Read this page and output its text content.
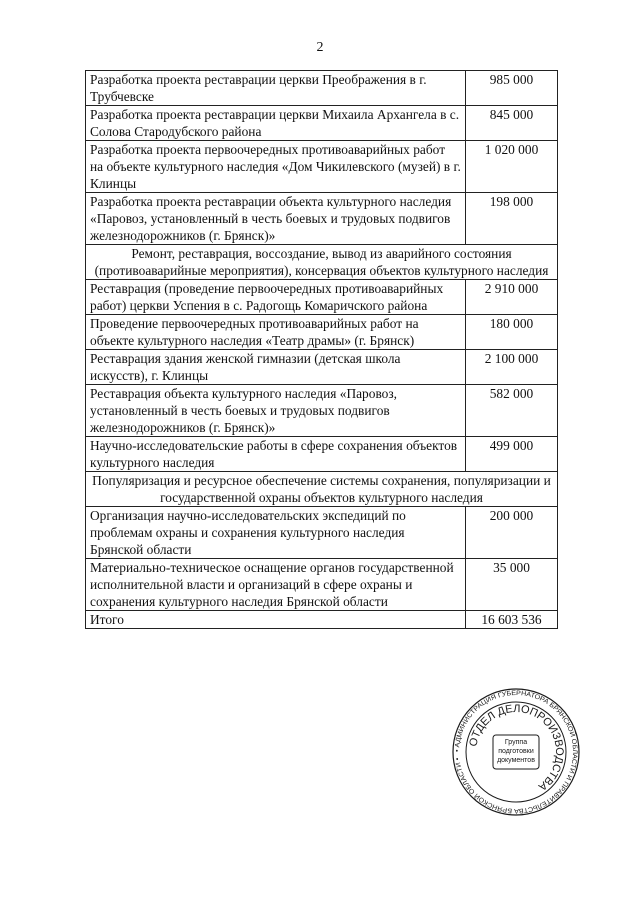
2
Разработка проекта реставрации церкви Преображения в г. Трубчевске	985 000
Разработка проекта реставрации церкви Михаила Архангела в с. Солова Стародубского района	845 000
Разработка проекта первоочередных противоаварийных работ на объекте культурного наследия «Дом Чикилевского (музей) в г. Клинцы	1 020 000
Разработка проекта реставрации объекта культурного наследия «Паровоз, установленный в честь боевых и трудовых подвигов железнодорожников (г. Брянск)»	198 000
Ремонт, реставрация, воссоздание, вывод из аварийного состояния (противоаварийные мероприятия), консервация объектов культурного наследия	
Реставрация (проведение первоочередных противоаварийных работ) церкви Успения в с. Радогощь Комаричского района	2 910 000
Проведение первоочередных противоаварийных работ на объекте культурного наследия «Театр драмы» (г. Брянск)	180 000
Реставрация здания женской гимназии (детская школа искусств), г. Клинцы	2 100 000
Реставрация объекта культурного наследия «Паровоз, установленный в честь боевых и трудовых подвигов железнодорожников (г. Брянск)»	582 000
Научно-исследовательские работы в сфере сохранения объектов культурного наследия	499 000
Популяризация и ресурсное обеспечение системы сохранения, популяризации и государственной охраны объектов культурного наследия	
Организация научно-исследовательских экспедиций по проблемам охраны и сохранения культурного наследия Брянской области	200 000
Материально-техническое оснащение органов государственной исполнительной власти и организаций в сфере охраны и сохранения культурного наследия Брянской области	35 000
Итого	16 603 536
• АДМИНИСТРАЦИЯ ГУБЕРНАТОРА БРЯНСКОЙ ОБЛАСТИ И ПРАВИТЕЛЬСТВА БРЯНСКОЙ ОБЛАСТИ •
ОТДЕЛ ДЕЛОПРОИЗВОДСТВА
Группа
подготовки
документов
